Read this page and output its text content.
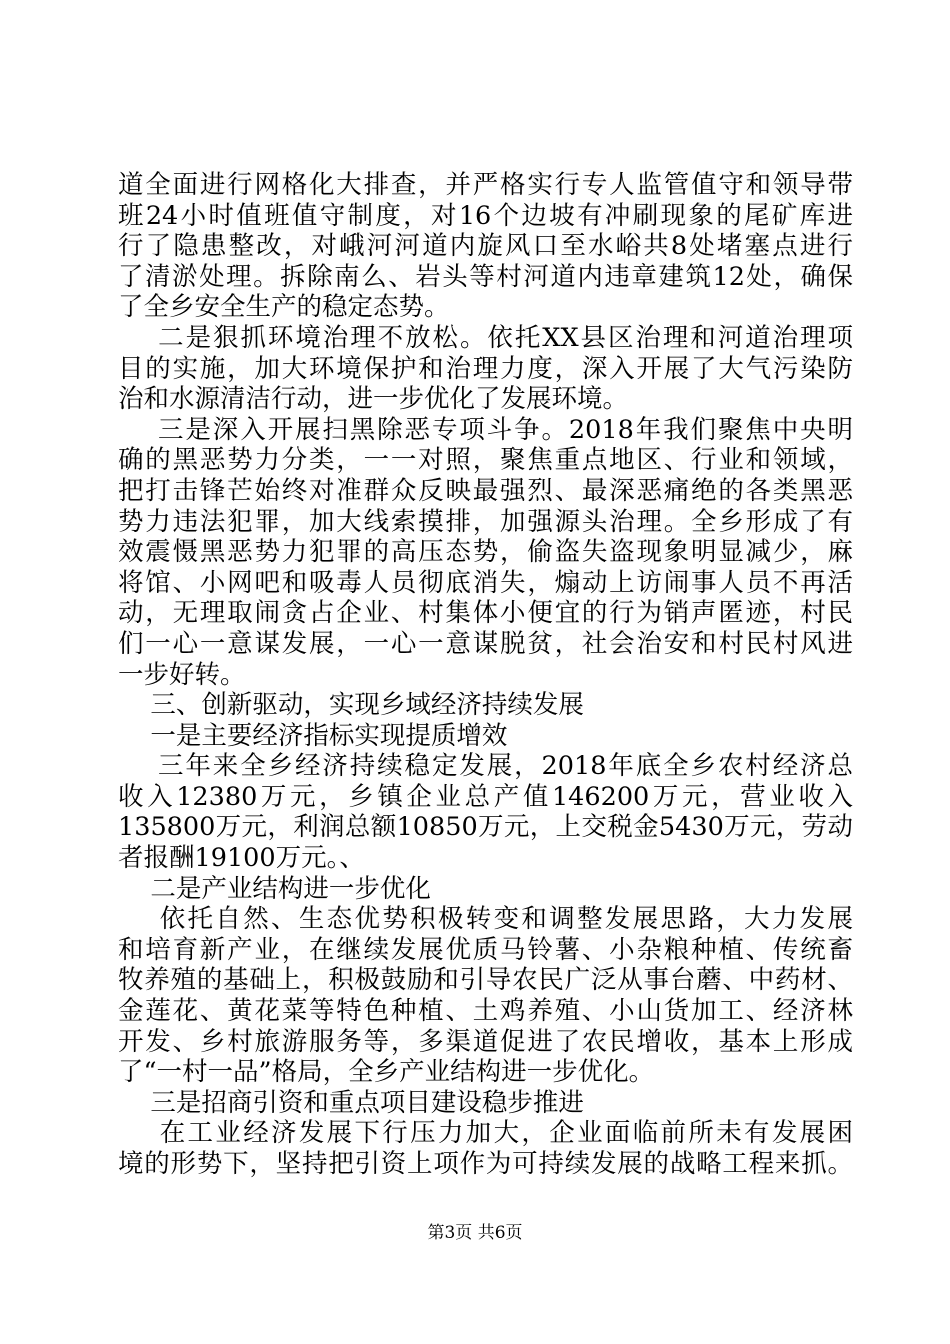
道全面进行网格化大排查，并严格实行专人监管值守和领导带
班24小时值班值守制度，对16个边坡有冲刷现象的尾矿库进
行了隐患整改，对峨河河道内旋风口至水峪共8处堵塞点进行
了清淤处理。拆除南么、岩头等村河道内违章建筑12处，确保
了全乡安全生产的稳定态势。
二是狠抓环境治理不放松。依托XX县区治理和河道治理项
目的实施，加大环境保护和治理力度，深入开展了大气污染防
治和水源清洁行动，进一步优化了发展环境。
三是深入开展扫黑除恶专项斗争。2018年我们聚焦中央明
确的黑恶势力分类，一一对照，聚焦重点地区、行业和领域，
把打击锋芒始终对准群众反映最强烈、最深恶痛绝的各类黑恶
势力违法犯罪，加大线索摸排，加强源头治理。全乡形成了有
效震慑黑恶势力犯罪的高压态势，偷盗失盗现象明显减少，麻
将馆、小网吧和吸毒人员彻底消失，煽动上访闹事人员不再活
动，无理取闹贪占企业、村集体小便宜的行为销声匿迹，村民
们一心一意谋发展，一心一意谋脱贫，社会治安和村民村风进
一步好转。
三、创新驱动，实现乡域经济持续发展
一是主要经济指标实现提质增效
三年来全乡经济持续稳定发展，2018年底全乡农村经济总
收入12380万元，乡镇企业总产值146200万元，营业收入
135800万元，利润总额10850万元，上交税金5430万元，劳动
者报酬19100万元。、
二是产业结构进一步优化
依托自然、生态优势积极转变和调整发展思路，大力发展
和培育新产业，在继续发展优质马铃薯、小杂粮种植、传统畜
牧养殖的基础上，积极鼓励和引导农民广泛从事台蘑、中药材、
金莲花、黄花菜等特色种植、土鸡养殖、小山货加工、经济林
开发、乡村旅游服务等，多渠道促进了农民增收，基本上形成
了“一村一品”格局，全乡产业结构进一步优化。
三是招商引资和重点项目建设稳步推进
在工业经济发展下行压力加大，企业面临前所未有发展困
境的形势下，坚持把引资上项作为可持续发展的战略工程来抓。
第3页 共6页
